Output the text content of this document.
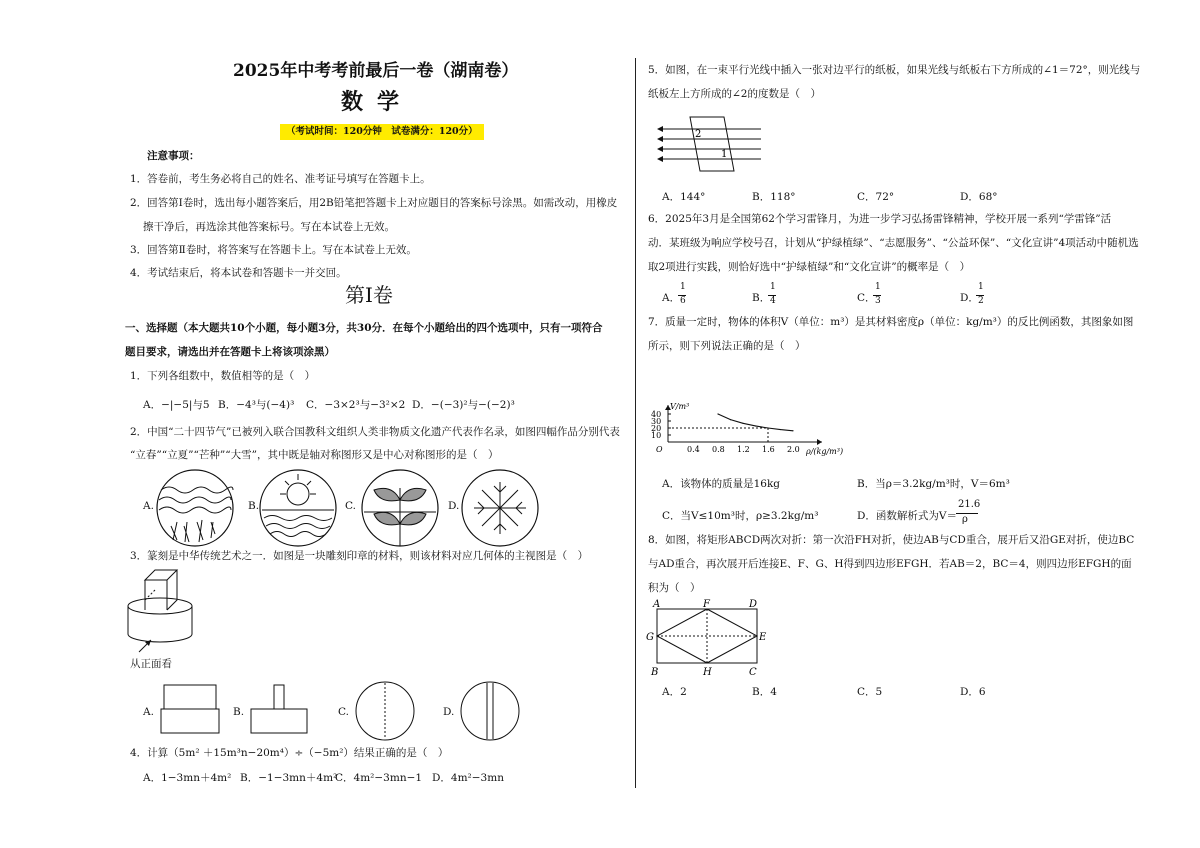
2025年中考考前最后一卷（湖南卷）
数学
（考试时间：120分钟　试卷满分：120分）
注意事项：
1．答卷前，考生务必将自己的姓名、准考证号填写在答题卡上。
2．回答第Ⅰ卷时，选出每小题答案后，用2B铅笔把答题卡上对应题目的答案标号涂黑。如需改动，用橡皮
擦干净后，再选涂其他答案标号。写在本试卷上无效。
3．回答第Ⅱ卷时，将答案写在答题卡上。写在本试卷上无效。
4．考试结束后，将本试卷和答题卡一并交回。
第Ⅰ卷
一、选择题（本大题共10个小题，每小题3分，共30分．在每个小题给出的四个选项中，只有一项符合
题目要求，请选出并在答题卡上将该项涂黑）
1．下列各组数中，数值相等的是（　）
A．−|−5|与5 B．−4³与(−4)³ C．−3×2³与−3²×2 D．−(−3)²与−(−2)³
2．中国“二十四节气”已被列入联合国教科文组织人类非物质文化遗产代表作名录，如图四幅作品分别代表
“立春”“立夏”“芒种”“大雪”，其中既是轴对称图形又是中心对称图形的是（　）
A.	B.	C.	D.
3．篆刻是中华传统艺术之一．如图是一块雕刻印章的材料，则该材料对应几何体的主视图是（　）
从正面看
A.	B.	C.	D.
4．计算（5m² ＋15m³n−20m⁴）÷（−5m²）结果正确的是（　）
A．1−3mn＋4m² B．−1−3mn＋4m²
C．4m²−3mn−1 D．4m²−3mn
5．如图，在一束平行光线中插入一张对边平行的纸板，如果光线与纸板右下方所成的∠1＝72°，则光线与
纸板左上方所成的∠2的度数是（　）
2
1
A．144°	B．118°	C．72°	D．68°
6．2025年3月是全国第62个学习雷锋月，为进一步学习弘扬雷锋精神，学校开展一系列“学雷锋”活
动．某班级为响应学校号召，计划从“护绿植绿”、“志愿服务”、“公益环保”、“文化宣讲”4项活动中随机选
取2项进行实践，则恰好选中“护绿植绿”和“文化宣讲”的概率是（　）
A．
1
6	B．
1
4	C．
1
3	D．
1
2
7．质量一定时，物体的体积V（单位：m³）是其材料密度ρ（单位：kg/m³）的反比例函数，其图象如图
所示，则下列说法正确的是（　）
0.4 0.8 1.2 1.6 2.0
10
20
30
40
O
V/m³
ρ/(kg/m³)
A．该物体的质量是16kg	B．当ρ＝3.2kg/m³时，V＝6m³
C．当V≤10m³时，ρ≥3.2kg/m³	D．函数解析式为V＝
21.6
ρ
8．如图，将矩形ABCD两次对折：第一次沿FH对折，使边AB与CD重合，展开后又沿GE对折，使边BC
与AD重合，再次展开后连接E、F、G、H得到四边形EFGH．若AB＝2，BC＝4，则四边形EFGH的面
积为（　）
A	F	D
G	E
B	H	C
A．2	B．4	C．5	D．6
